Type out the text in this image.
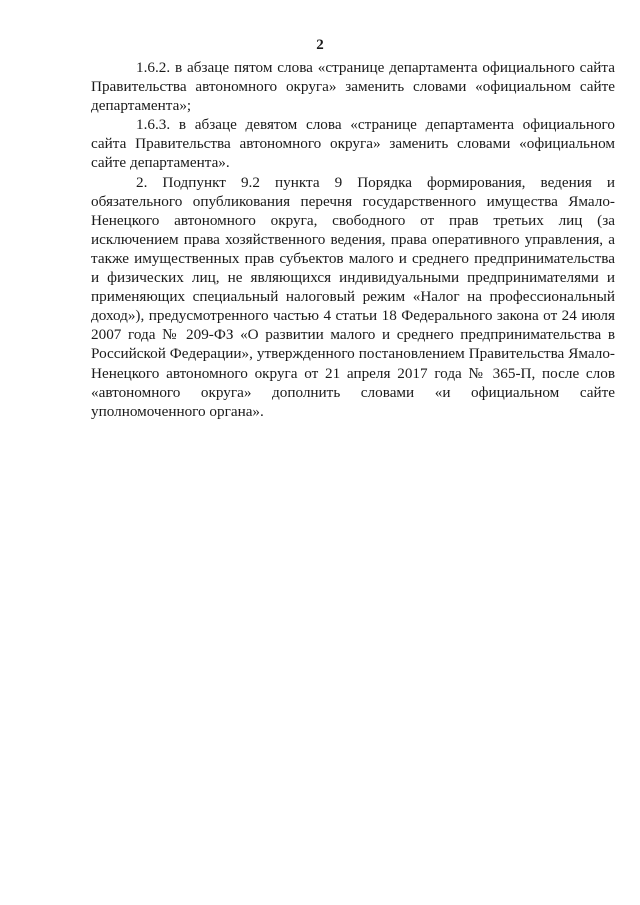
2

1.6.2. в абзаце пятом слова «странице департамента официального сайта Правительства автономного округа» заменить словами «официальном сайте департамента»;

1.6.3. в абзаце девятом слова «странице департамента официального сайта Правительства автономного округа» заменить словами «официальном сайте департамента».

2. Подпункт 9.2 пункта 9 Порядка формирования, ведения и обязательного опубликования перечня государственного имущества Ямало-Ненецкого автономного округа, свободного от прав третьих лиц (за исключением права хозяйственного ведения, права оперативного управления, а также имущественных прав субъектов малого и среднего предпринимательства и физических лиц, не являющихся индивидуальными предпринимателями и применяющих специальный налоговый режим «Налог на профессиональный доход»), предусмотренного частью 4 статьи 18 Федерального закона от 24 июля 2007 года № 209-ФЗ «О развитии малого и среднего предпринимательства в Российской Федерации», утвержденного постановлением Правительства Ямало-Ненецкого автономного округа от 21 апреля 2017 года № 365-П, после слов «автономного округа» дополнить словами «и официальном сайте уполномоченного органа».
